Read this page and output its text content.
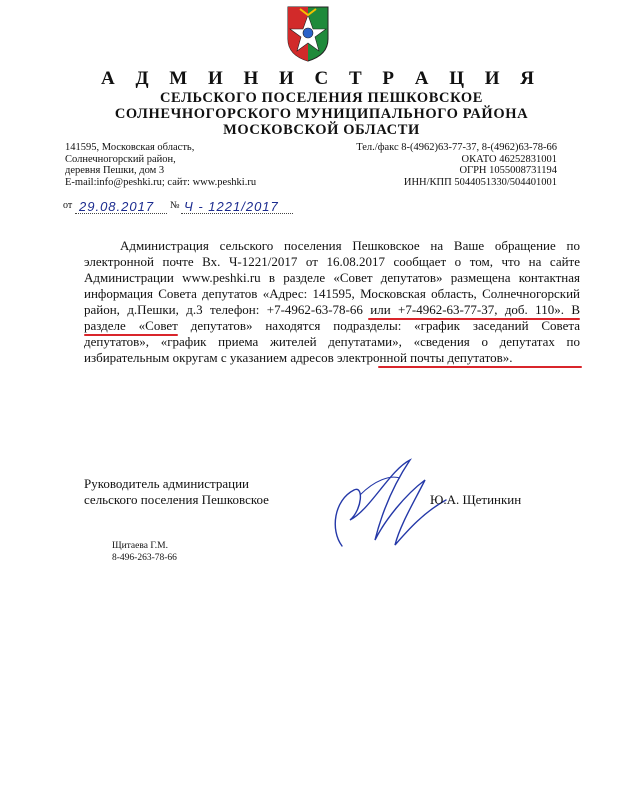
А Д М И Н И С Т Р А Ц И Я
СЕЛЬСКОГО ПОСЕЛЕНИЯ ПЕШКОВСКОЕ
СОЛНЕЧНОГОРСКОГО МУНИЦИПАЛЬНОГО РАЙОНА
МОСКОВСКОЙ ОБЛАСТИ
141595, Московская область,
Солнечногорский район,
деревня Пешки, дом 3
E-mail:info@peshki.ru; сайт: www.peshki.ru
Тел./факс 8-(4962)63-77-37, 8-(4962)63-78-66
ОКАТО 46252831001
ОГРН 1055008731194
ИНН/КПП 5044051330/504401001
от 29.08.2017 № Ч - 1221/2017

Администрация сельского поселения Пешковское на Ваше обращение по электронной почте Вх. Ч-1221/2017 от 16.08.2017 сообщает о том, что на сайте Администрации www.peshki.ru в разделе «Совет депутатов» размещена контактная информация Совета депутатов «Адрес: 141595, Московская область, Солнечногорский район, д.Пешки, д.3 телефон: +7-4962-63-78-66 или +7-4962-63-77-37, доб. 110». В разделе «Совет депутатов» находятся подразделы: «график заседаний Совета депутатов», «график приема жителей депутатами», «сведения о депутатах по избирательным округам с указанием адресов электронной почты депутатов».

Руководитель администрации
сельского поселения Пешковское	Ю.А. Щетинкин
Щитаева Г.М.
8-496-263-78-66
